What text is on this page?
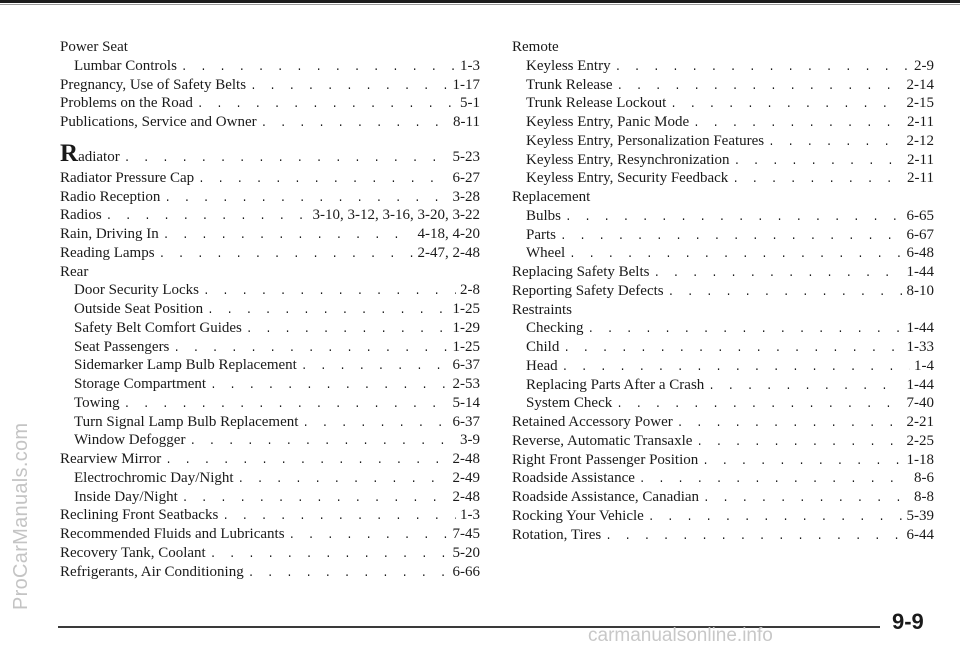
ProCarManuals.com
Power Seat
Lumbar Controls . . .	1-3
Pregnancy, Use of Safety Belts . . .	1-17
Problems on the Road . . .	5-1
Publications, Service and Owner . . .	8-11
Radiator . . .	5-23
Radiator Pressure Cap . . .	6-27
Radio Reception . . .	3-28
Radios . . .	3-10, 3-12, 3-16, 3-20, 3-22
Rain, Driving In . . .	4-18, 4-20
Reading Lamps . . .	2-47, 2-48
Rear
Door Security Locks . . .	2-8
Outside Seat Position . . .	1-25
Safety Belt Comfort Guides . . .	1-29
Seat Passengers . . .	1-25
Sidemarker Lamp Bulb Replacement . . .	6-37
Storage Compartment . . .	2-53
Towing . . .	5-14
Turn Signal Lamp Bulb Replacement . . .	6-37
Window Defogger . . .	3-9
Rearview Mirror . . .	2-48
Electrochromic Day/Night . . .	2-49
Inside Day/Night . . .	2-48
Reclining Front Seatbacks . . .	1-3
Recommended Fluids and Lubricants . . .	7-45
Recovery Tank, Coolant . . .	5-20
Refrigerants, Air Conditioning . . .	6-66
Remote
Keyless Entry . . .	2-9
Trunk Release . . .	2-14
Trunk Release Lockout . . .	2-15
Keyless Entry, Panic Mode . . .	2-11
Keyless Entry, Personalization Features . . .	2-12
Keyless Entry, Resynchronization . . .	2-11
Keyless Entry, Security Feedback . . .	2-11
Replacement
Bulbs . . .	6-65
Parts . . .	6-67
Wheel . . .	6-48
Replacing Safety Belts . . .	1-44
Reporting Safety Defects . . .	8-10
Restraints
Checking . . .	1-44
Child . . .	1-33
Head . . .	1-4
Replacing Parts After a Crash . . .	1-44
System Check . . .	7-40
Retained Accessory Power . . .	2-21
Reverse, Automatic Transaxle . . .	2-25
Right Front Passenger Position . . .	1-18
Roadside Assistance . . .	8-6
Roadside Assistance, Canadian . . .	8-8
Rocking Your Vehicle . . .	5-39
Rotation, Tires . . .	6-44
9-9
carmanualsonline.info
